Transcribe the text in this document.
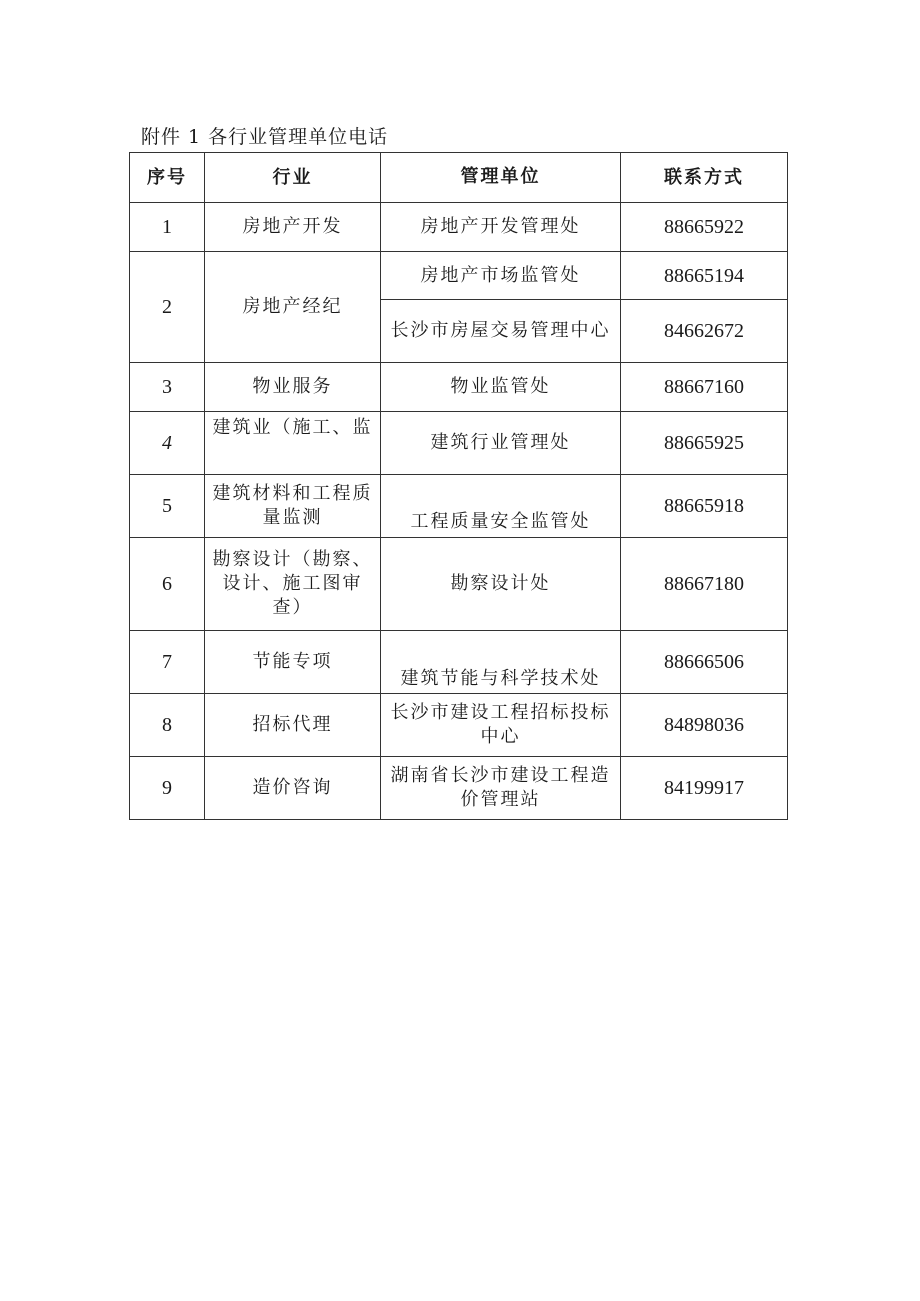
附件 1 各行业管理单位电话
序号	行业	管理单位	联系方式
1	房地产开发	房地产开发管理处	88665922
2	房地产经纪	房地产市场监管处	88665194
		长沙市房屋交易管理中心	84662672
3	物业服务	物业监管处	88667160
4	建筑业（施工、监	建筑行业管理处	88665925
5	建筑材料和工程质量监测	工程质量安全监管处	88665918
6	勘察设计（勘察、设计、施工图审查）	勘察设计处	88667180
7	节能专项	建筑节能与科学技术处	88666506
8	招标代理	长沙市建设工程招标投标中心	84898036
9	造价咨询	湖南省长沙市建设工程造价管理站	84199917
